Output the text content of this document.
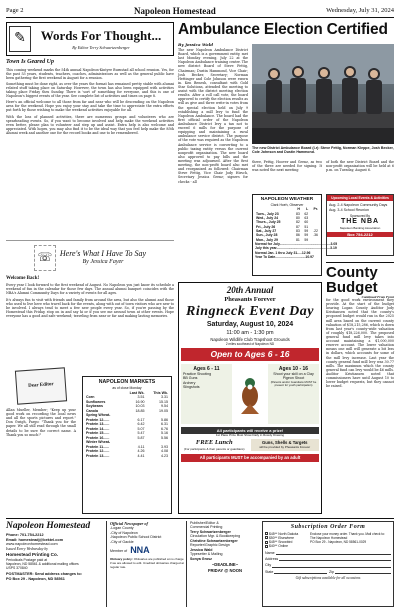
Page 2	Napoleon Homestead	Wednesday, July 31, 2024
✎	Words For Thought...
By Editor Terry Schwartzenberger
Town Is Geared Up

This coming weekend marks the 54th annual Napoleon-Kintyre Burnstad all school reunion. Yes, for the past 53 years, students, teachers, coaches, administrators as well as the general public have been gathering the first weekend in August for a reunion.

Something must be done right, as over the years the format has remained pretty stable with alumni related stuff taking place on Saturday. However, the town has also been equipped with activities taking place Friday thru Sunday. There is 'sort of' something for everyone, and this is one of Napoleon's biggest events of the year. See complete list of activities and times on page 8.

Here's an official welcome to all those from far and near who will be descending on the Napoleon area for the weekend. Hope you enjoy your stay and take the time to appreciate the extra efforts put forth by those wishing to make the weekend activities enjoyable for all.

With the loss of planned activities, there are numerous groups and volunteers who are spearheading events. So, if you want to become involved and help make the weekend activities even better, please plan to volunteer and step up and assist. Extra help is also welcome and appreciated. With hopes, you may also find it to be the ideal way that you feel help make the 85th Alumni week and another one for the record books and one to be remembered.

☏ Here's What I Have To Say
By Jessica Fayer
Welcome Back!

Every year I look forward to the first weekend of August. No Napoleon you just know its schedule a weekend of fun in the calendar for those few days. The annual alumni banquet coincides with the NBA's Alumni Community Days for a variety of events for all ages.

It's always fun to visit with friends and family from around the area, but also the alumni and those who used to live here who travel back for the events, along with out of town visitors who are new to be involved. I always tend to meet a few new people every year. So, if you're passing by the Homestead this Friday, stop on in and say hi or if you see me around town at other events. Hope everyone has a good and safe weekend; traveling from near or far and making lasting memories.

Dear Editor

Allan Mueller, Member; "Keep up your good work on recording the local news and all the sports pictures and report." Don Gwigh, Fargo: "Thank you for the paper. We all still read through the small details to be sure the correct name. A Thank you so much!"

NAPOLEON MARKETS
as of close Monday
	Last Wk.	This Wk.
Corn	3.51	3.31
Sunflowers	16.90	15.15
Soybeans	10.03	9.54
Canola	18.85	19.05
Spring Wheat-		
Protein 12......	6.17	5.86
Protein 13......	6.42	6.31
Protein 14......	5.07	6.76
Protein 15......	5.47	5.16
Protein 16......	5.87	5.56
Winter Wheat-		
Protein 11......	4.11	3.93
Protein 12......	4.26	4.08
Protein 13......	4.41	4.23
Ambulance Election Certified
By Jessica Wald

The new Napoleon Ambulance District Board, which is a government entity, met last Monday evening, July 22 at the Napoleon Ambulance training center. The new district Board of Steve Fettig, Chairman; Dustin Hammond, Vice Chair; Josh Becker, Secretary; Norman Hettinger and Cole Johnson were sworn in. Ken Benesh, consultant with Gold Star Solutions, attended the meeting to assist with the district meeting election results. After a roll call vote, the board approved to certify the election results as will as give and three write-in votes from the special election held on July 9 establishing a mill levy to fund the Napoleon Ambulance. The board had the first official order of the Napoleon Ambulance District levy a tax not to exceed 6 mills for the purpose of equipping and maintaining a rural ambulance service district. The purpose of the vote was required as the Napoleon Ambulance service is converting to a public taxing entity versus the current nonprofit organization. The new board also approved to pay bills and the meeting was adjourned. After the first meeting, the non-profit board also met and reorganized as followed: Chairman Steve Fettig, Vice Chair Jody Hirsch, Secretary Jessica Grenz; signers for checks - all

The new District Ambulance Board (l-r): Steve Fettig, Norman Kleppe, Josh Becker, Cole Johnson and Dustin Hammond.

three, Fettig, Hoover and Grenz, as two of the three are needed for signing. It was noted the next meeting

of both the new District Board and the non-profit organization will be held at 6 p.m. on Tuesday, August 6.

NAPOLEON WEATHER
Clark Hoeh, Observer
	H	L	Pr.
Tues., July 23	83	62	
Wed., July 24	80	63	
Thurs., July 25	82	60	
Fri., July 26	87	51	
Sat., July 27	83	59	.22
Sun., July 28	86	59	.36
Mon., July 29	81	59	
Normal for July......................................................3.05
July this year.........................................................3.19
Normal Jan. 1 thru July 31.....12.96
Year To Date................................10.97
Upcoming Local Events & Activities
Aug. 2-4 Napoleon Community Days
Aug. 3-4 School Reunion
Sponsored By
THE NBA
Napoleon Banking Association
Box 754-2212
County Budget
Continued From Front

for the good work environment they provide. At the start of the budget hearing Logan County Auditor Jody Kristiansen noted that the county's proposed budget would run in the 2025 mill area based on the current county valuation of $18,215,286, which is down from last year's county-wide valuation of roughly $18,226,000. The proposed general fund mill levy takes into account maintaining a $1,000,000 reserve account. The lower valuation means one mill will generate a bit less in dollars, which accounts for some of the mill levy increase. Last year the county general fund mill levy was 30.77 mills. The maximum which the county general fund can levy would be 46 mills. Auditor Kristiansen noted that commissioners have until August 10 to lower budget requests, but they cannot be raised.

20th Annual
Pheasants Forever
Ringneck Event Day
Saturday, August 10, 2024
11:00 am - 1:30 pm
Napoleon Wildlife Club Trapshoot Grounds
2 miles southeast of Napoleon ND
Open to Ages 6 - 16
Ages 6 - 11
Practice Shooting
BB Guns
Archery
Slingshots
Ages 10 - 16
Shoot your skill on a Clay Pigeon Shoot
(Parents and/or Guardians MUST be present for youth participation)
All participants will receive a prize!
1st Place Prize Must Show Daily in Rowdy Drawing
FREE Lunch
(For participants & their parents or guardians)
Guns, Shells & Targets
will be provided by Pheasants Forever
All participants MUST be accompanied by an adult
Napoleon Homestead
Phone: 701-754-2212
Email: homesteadj@bektel.com
www.napoleonhomestead.com
Issued Every Wednesday by
Homestead Printing Co.
Periodicals Postage paid at
Napoleon, ND 58561 & additional mailing offices
USPS 370840
POSTMASTER: Send address changes to:
PO Box 29 - Napoleon, ND 58561
Official Newspaper of
-Logan County
-City of Napoleon
-Napoleon Public School District
-City of Gackle
Member of NNA
Obituary policy: Obituaries are published at no charge if we are allowed to edit. Unedited obituaries charged at regular rate.
Publisher/Editor &
Commercial Printing
Terry Schwartzenberger
Circulation Mgr. & Bookkeeping
Christine Schwartzenberger
Reporter/Graphic Design
Jessica Wald
Typesetter & Mailing
Sonya Grosz
~DEADLINE~
FRIDAY @ NOON
Subscription Order Form
$45** North Dakota
$50** Elsewhere
$45** Snowbird
$40** Online
Enclose your money order. Thank you. Mail check to: The Napoleon Homestead
PO Box 29 - Napoleon, ND 58561-0029
Name
Address
City
State	Zip
Gift subscriptions available for all occasions
